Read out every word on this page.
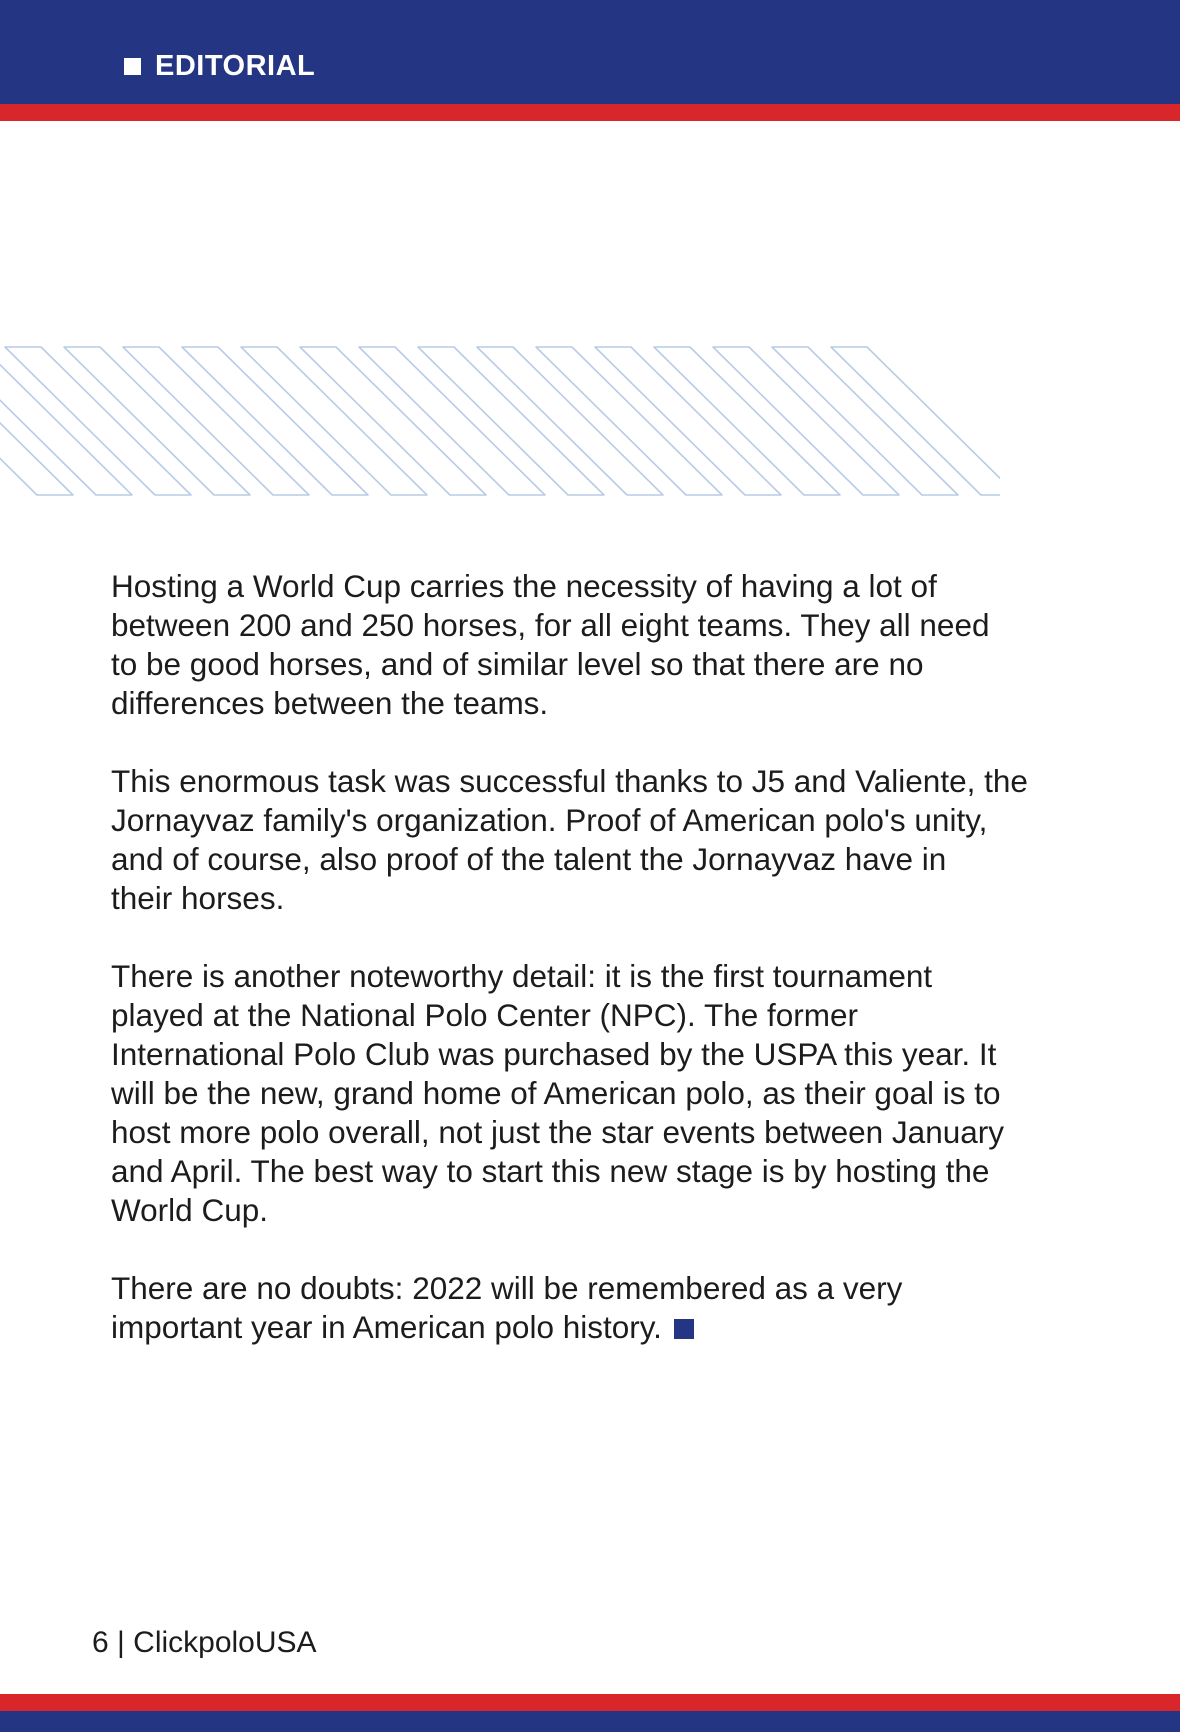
EDITORIAL

Hosting a World Cup carries the necessity of having a lot of
between 200 and 250 horses, for all eight teams. They all need
to be good horses, and of similar level so that there are no
differences between the teams.

This enormous task was successful thanks to J5 and Valiente, the
Jornayvaz family's organization. Proof of American polo's unity,
and of course, also proof of the talent the Jornayvaz have in
their horses.

There is another noteworthy detail: it is the first tournament
played at the National Polo Center (NPC). The former
International Polo Club was purchased by the USPA this year. It
will be the new, grand home of American polo, as their goal is to
host more polo overall, not just the star events between January
and April. The best way to start this new stage is by hosting the
World Cup.

There are no doubts: 2022 will be remembered as a very
important year in American polo history.

6 | ClickpoloUSA
